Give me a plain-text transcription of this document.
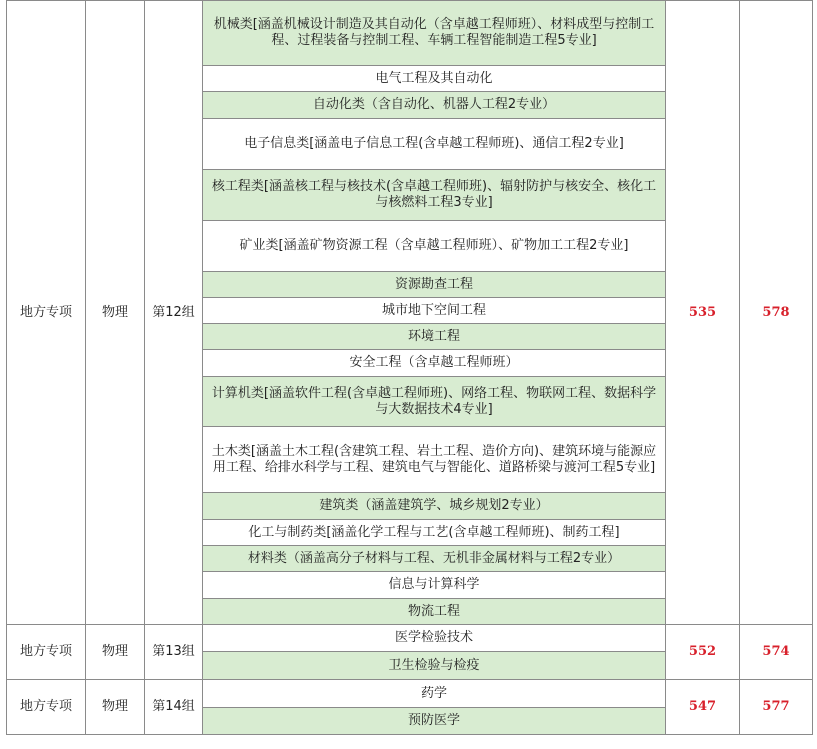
地方专项	物理	第12组	机械类[涵盖机械设计制造及其自动化（含卓越工程师班）、材料成型与控制工程、过程装备与控制工程、车辆工程智能制造工程5专业]	535	578
			电气工程及其自动化		
			自动化类（含自动化、机器人工程2专业）		
			电子信息类[涵盖电子信息工程(含卓越工程师班)、通信工程2专业]		
			核工程类[涵盖核工程与核技术(含卓越工程师班)、辐射防护与核安全、核化工与核燃料工程3专业]		
			矿业类[涵盖矿物资源工程（含卓越工程师班）、矿物加工工程2专业]		
			资源勘查工程		
			城市地下空间工程		
			环境工程		
			安全工程（含卓越工程师班）		
			计算机类[涵盖软件工程(含卓越工程师班)、网络工程、物联网工程、数据科学与大数据技术4专业]		
			土木类[涵盖土木工程(含建筑工程、岩土工程、造价方向)、建筑环境与能源应用工程、给排水科学与工程、建筑电气与智能化、道路桥梁与渡河工程5专业]		
			建筑类（涵盖建筑学、城乡规划2专业）		
			化工与制药类[涵盖化学工程与工艺(含卓越工程师班)、制药工程]		
			材料类（涵盖高分子材料与工程、无机非金属材料与工程2专业）		
			信息与计算科学		
			物流工程		
地方专项	物理	第13组	医学检验技术	552	574
			卫生检验与检疫		
地方专项	物理	第14组	药学	547	577
			预防医学		
